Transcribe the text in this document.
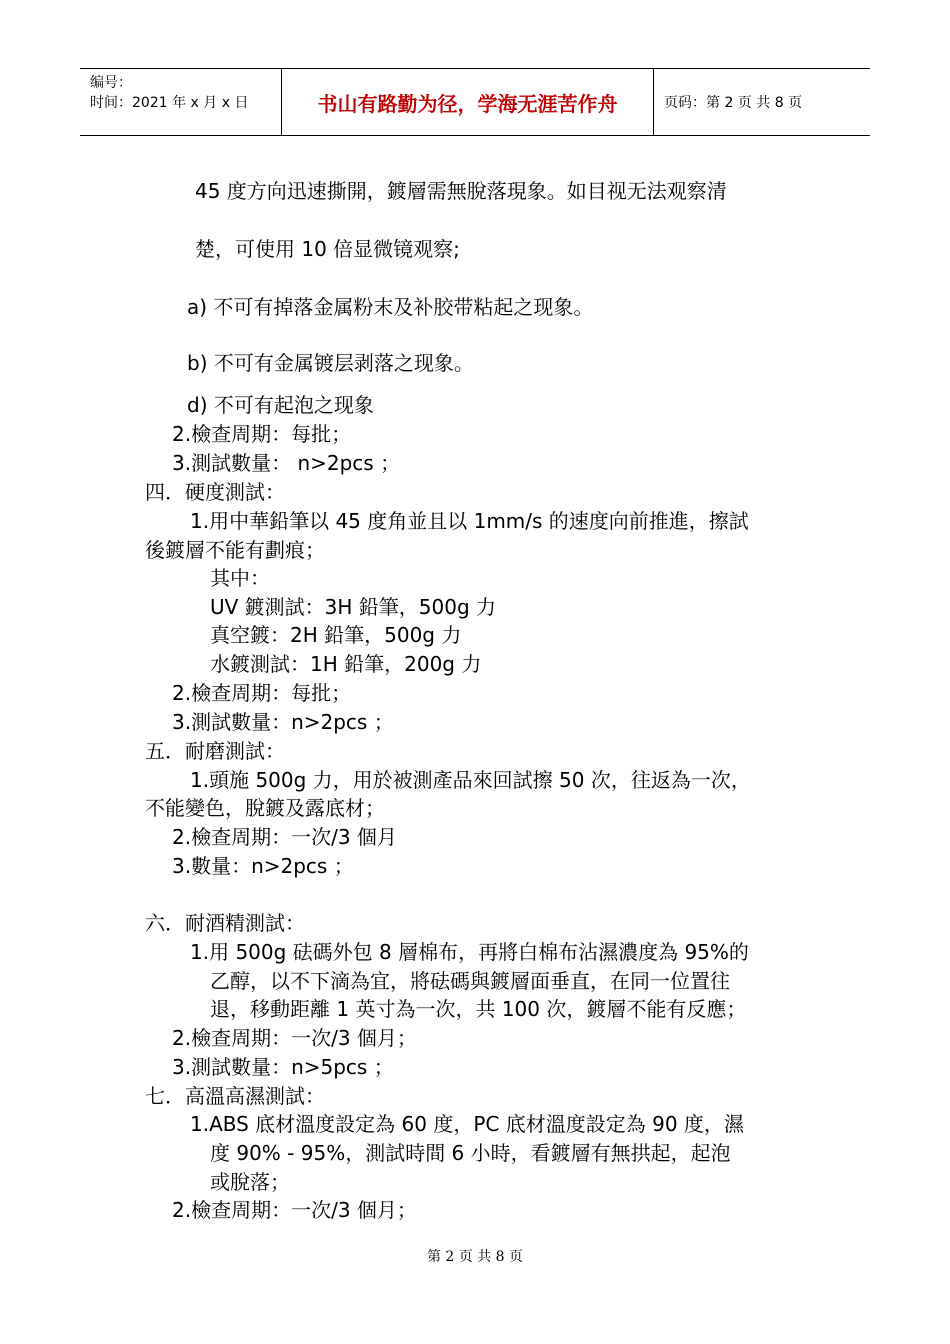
编号：
时间：2021 年 x 月 x 日	书山有路勤为径，学海无涯苦作舟	页码：第 2 页 共 8 页
45 度方向迅速撕開，鍍層需無脫落現象。如目视无法观察清
楚，可使用 10 倍显微镜观察;
a) 不可有掉落金属粉末及补胶带粘起之现象。
b) 不可有金属镀层剥落之现象。
d) 不可有起泡之现象
2.檢查周期：每批；
3.測試數量： n>2pcs ；
四．硬度測試：
1.用中華鉛筆以 45 度角並且以 1mm/s 的速度向前推進，擦試
後鍍層不能有劃痕；
其中：
UV 鍍測試：3H 鉛筆，500g 力
真空鍍：2H 鉛筆，500g 力
水鍍測試：1H 鉛筆，200g 力
2.檢查周期：每批；
3.測試數量：n>2pcs ；
五．耐磨測試：
1.頭施 500g 力，用於被測產品來回試擦 50 次，往返為一次，
不能變色，脫鍍及露底材；
2.檢查周期：一次/3 個月
3.數量：n>2pcs ；
六．耐酒精測試：
1.用 500g 砝碼外包 8 層棉布，再將白棉布沾濕濃度為 95%的
乙醇，以不下滴為宜，將砝碼與鍍層面垂直，在同一位置往
退，移動距離 1 英寸為一次，共 100 次，鍍層不能有反應；
2.檢查周期：一次/3 個月；
3.測試數量：n>5pcs ；
七．高溫高濕測試：
1.ABS 底材溫度設定為 60 度，PC 底材溫度設定為 90 度，濕
度 90% - 95%，測試時間 6 小時，看鍍層有無拱起，起泡
或脫落；
2.檢查周期：一次/3 個月；
第 2 页 共 8 页
